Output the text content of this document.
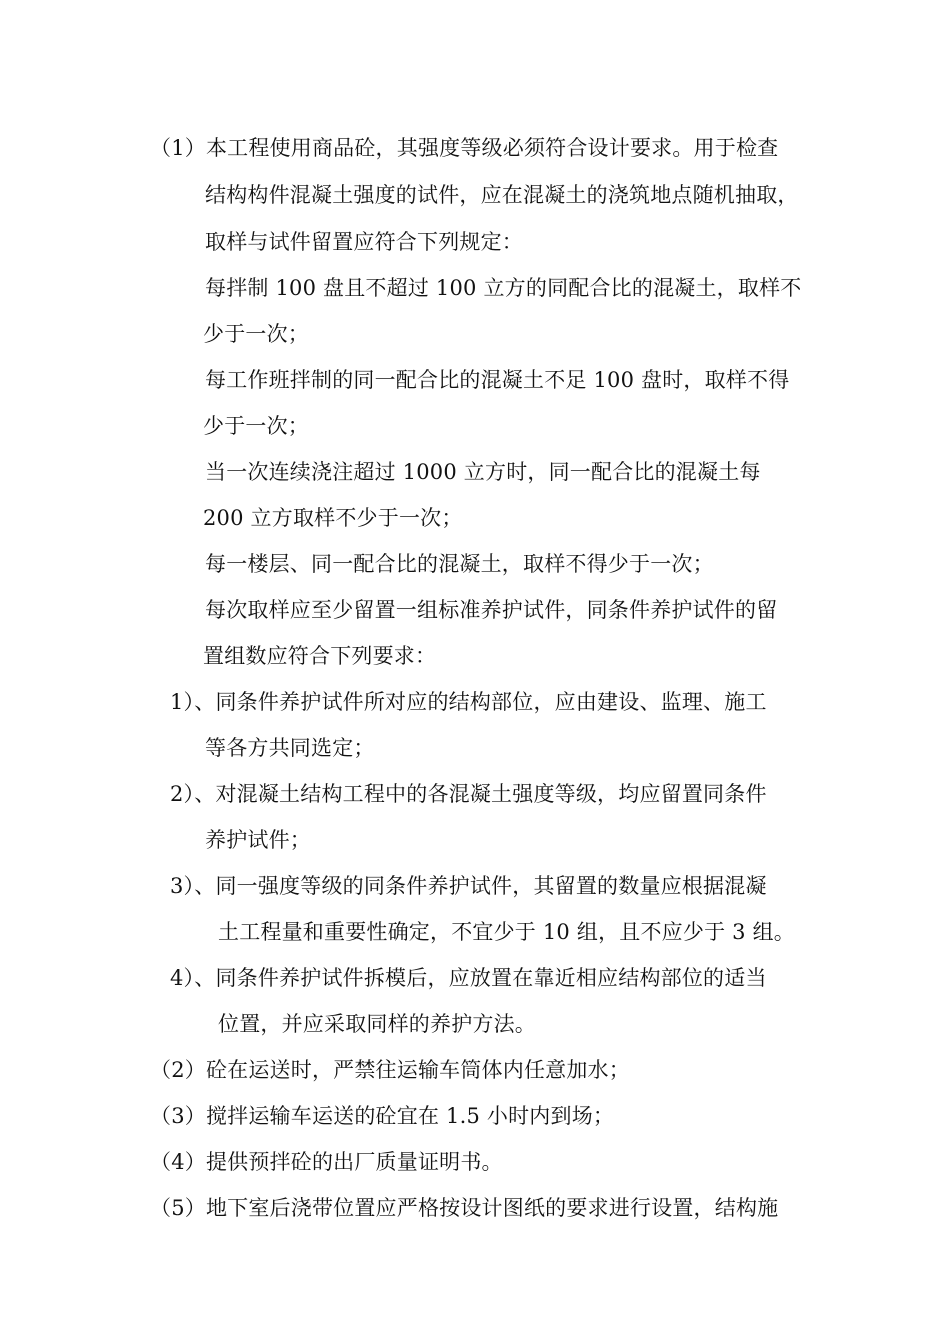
（1）本工程使用商品砼，其强度等级必须符合设计要求。用于检查
结构构件混凝土强度的试件，应在混凝土的浇筑地点随机抽取，
取样与试件留置应符合下列规定：
每拌制 100 盘且不超过 100 立方的同配合比的混凝土，取样不
少于一次；
每工作班拌制的同一配合比的混凝土不足 100 盘时，取样不得
少于一次；
当一次连续浇注超过 1000 立方时，同一配合比的混凝土每
200 立方取样不少于一次；
每一楼层、同一配合比的混凝土，取样不得少于一次；
每次取样应至少留置一组标准养护试件，同条件养护试件的留
置组数应符合下列要求：
1）、同条件养护试件所对应的结构部位，应由建设、监理、施工
等各方共同选定；
2）、对混凝土结构工程中的各混凝土强度等级，均应留置同条件
养护试件；
3）、同一强度等级的同条件养护试件，其留置的数量应根据混凝
土工程量和重要性确定，不宜少于 10 组，且不应少于 3 组。
4）、同条件养护试件拆模后，应放置在靠近相应结构部位的适当
位置，并应采取同样的养护方法。
（2）砼在运送时，严禁往运输车筒体内任意加水；
（3）搅拌运输车运送的砼宜在 1.5 小时内到场；
（4）提供预拌砼的出厂质量证明书。
（5）地下室后浇带位置应严格按设计图纸的要求进行设置，结构施
